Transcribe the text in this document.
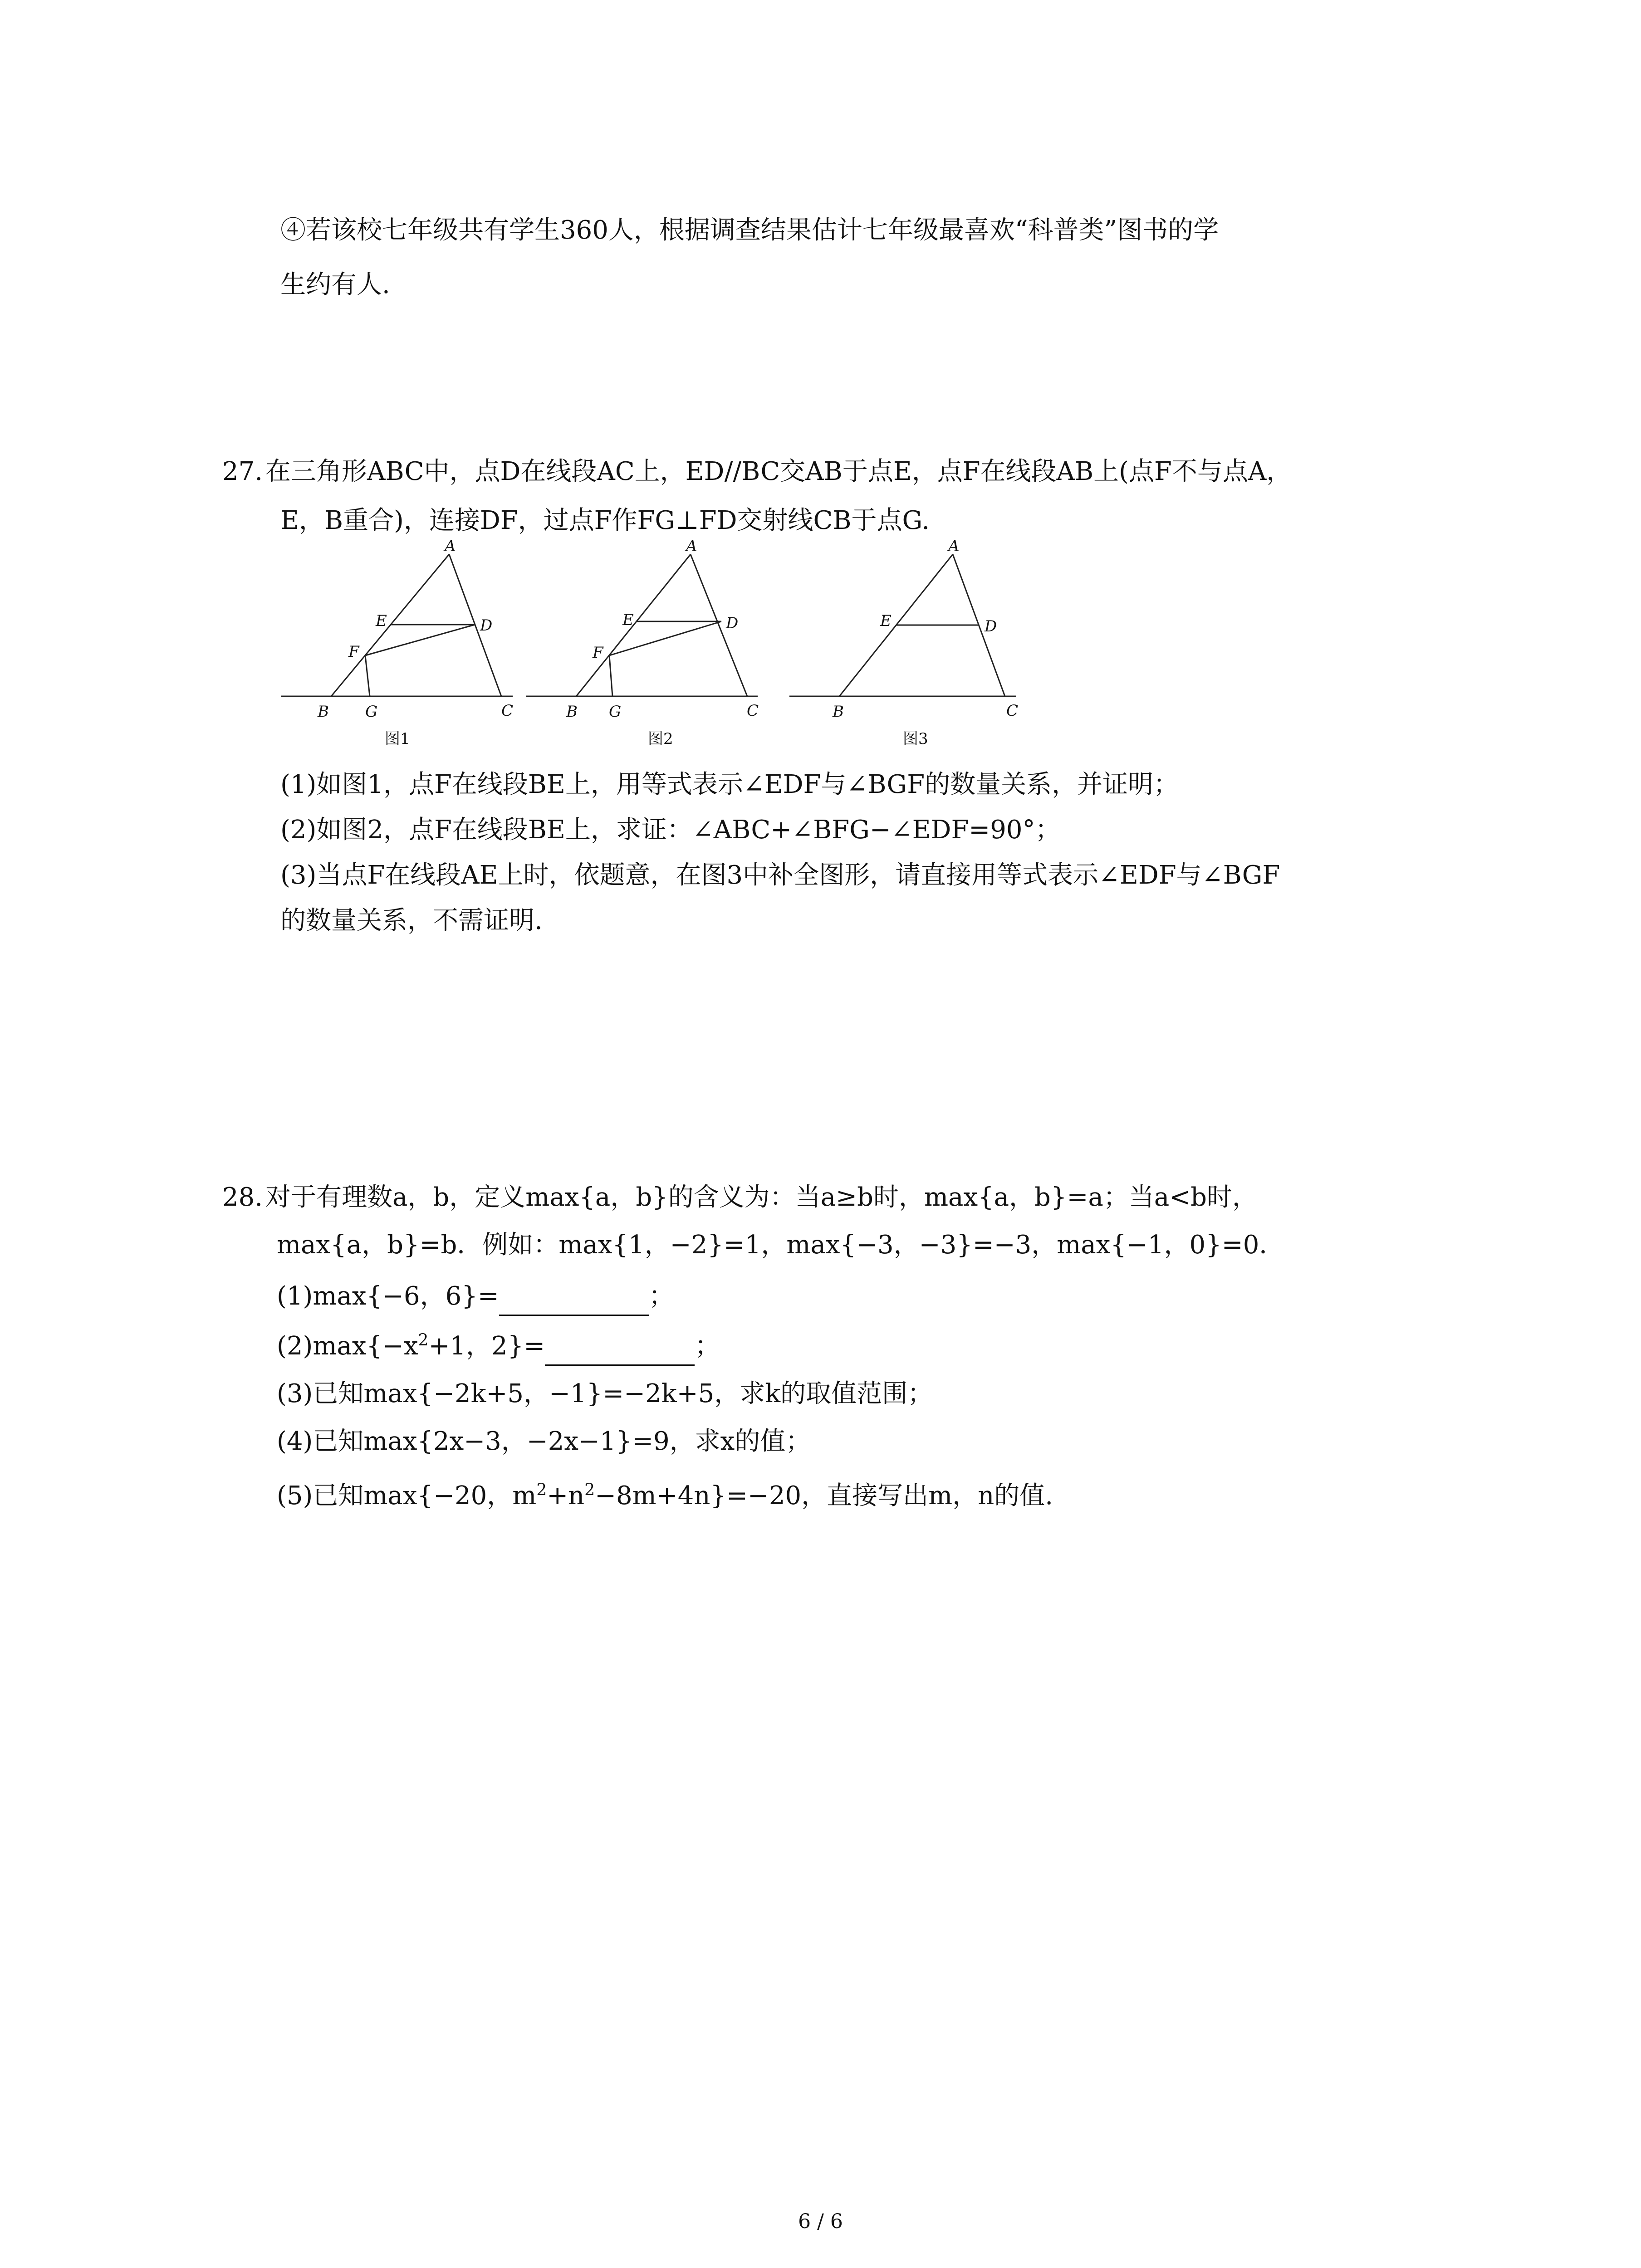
④若该校七年级共有学生360人，根据调查结果估计七年级最喜欢“科普类”图书的学
生约有人.
27. 在三角形ABC中，点D在线段AC上，ED//BC交AB于点E，点F在线段AB上(点F不与点A，
E，B重合)，连接DF，过点F作FG⊥FD交射线CB于点G.
A
E	D
F
B G	C
图1
A
E	D
F
B G	C
图2
A
E	D
B	C
图3
(1)如图1，点F在线段BE上，用等式表示∠EDF与∠BGF的数量关系，并证明；
(2)如图2，点F在线段BE上，求证：∠ABC+∠BFG−∠EDF=90°；
(3)当点F在线段AE上时，依题意，在图3中补全图形，请直接用等式表示∠EDF与∠BGF
的数量关系，不需证明.
28. 对于有理数a，b，定义max{a，b}的含义为：当a≥b时，max{a，b}=a；当a<b时，
max{a，b}=b．例如：max{1，−2}=1，max{−3，−3}=−3，max{−1，0}=0．
(1)max{−6，6}=	；
$(2)\max\{-x^2+1$，2}=	；
(3)已知max{−2k+5，−1}=−2k+5，求k的取值范围；
(4)已知max{2x−3，−2x−1}=9，求x的值；
(5)已知max{−20，$m^2+n^2-8m+4n\}=-20$，直接写出m，n的值.
6 / 6
